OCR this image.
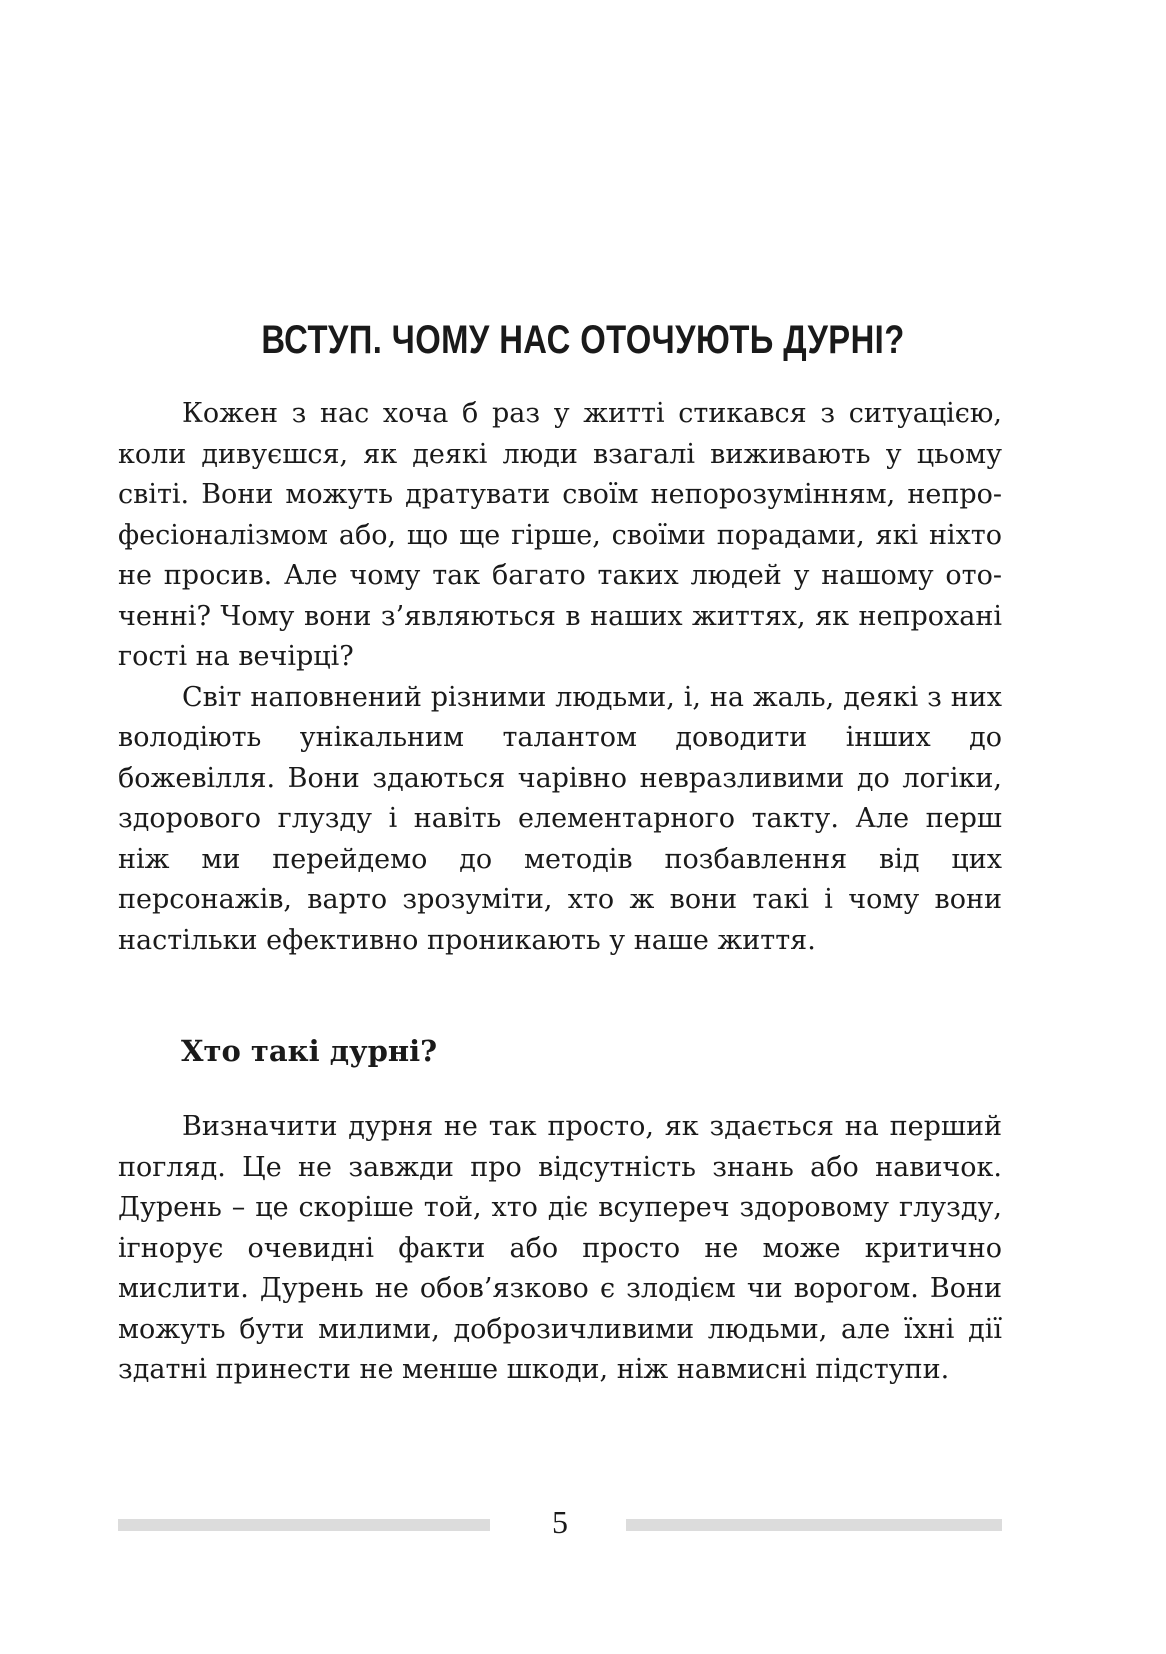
ВСТУП. ЧОМУ НАС ОТОЧУЮТЬ ДУРНІ?

Кожен з нас хоча б раз у житті стикався з ситуацією, коли дивуєшся, як деякі люди взагалі виживають у цьому світі. Вони можуть дратувати своїм непорозумінням, непрофесіоналізмом або, що ще гірше, своїми порадами, які ніхто не просив. Але чому так багато таких людей у нашому оточенні? Чому вони з’являються в наших життях, як непрохані гості на вечірці?

Світ наповнений різними людьми, і, на жаль, деякі з них володіють унікальним талантом доводити інших до божевілля. Вони здаються чарівно невразливими до логіки, здорового глузду і навіть елементарного такту. Але перш ніж ми перейдемо до методів позбавлення від цих персонажів, варто зрозуміти, хто ж вони такі і чому вони настільки ефективно проникають у наше життя.

Хто такі дурні?

Визначити дурня не так просто, як здається на перший погляд. Це не завжди про відсутність знань або навичок. Дурень – це скоріше той, хто діє всупереч здоровому глузду, ігнорує очевидні факти або просто не може критично мислити. Дурень не обов’язково є злодієм чи ворогом. Вони можуть бути милими, доброзичливими людьми, але їхні дії здатні принести не менше шкоди, ніж навмисні підступи.

5
